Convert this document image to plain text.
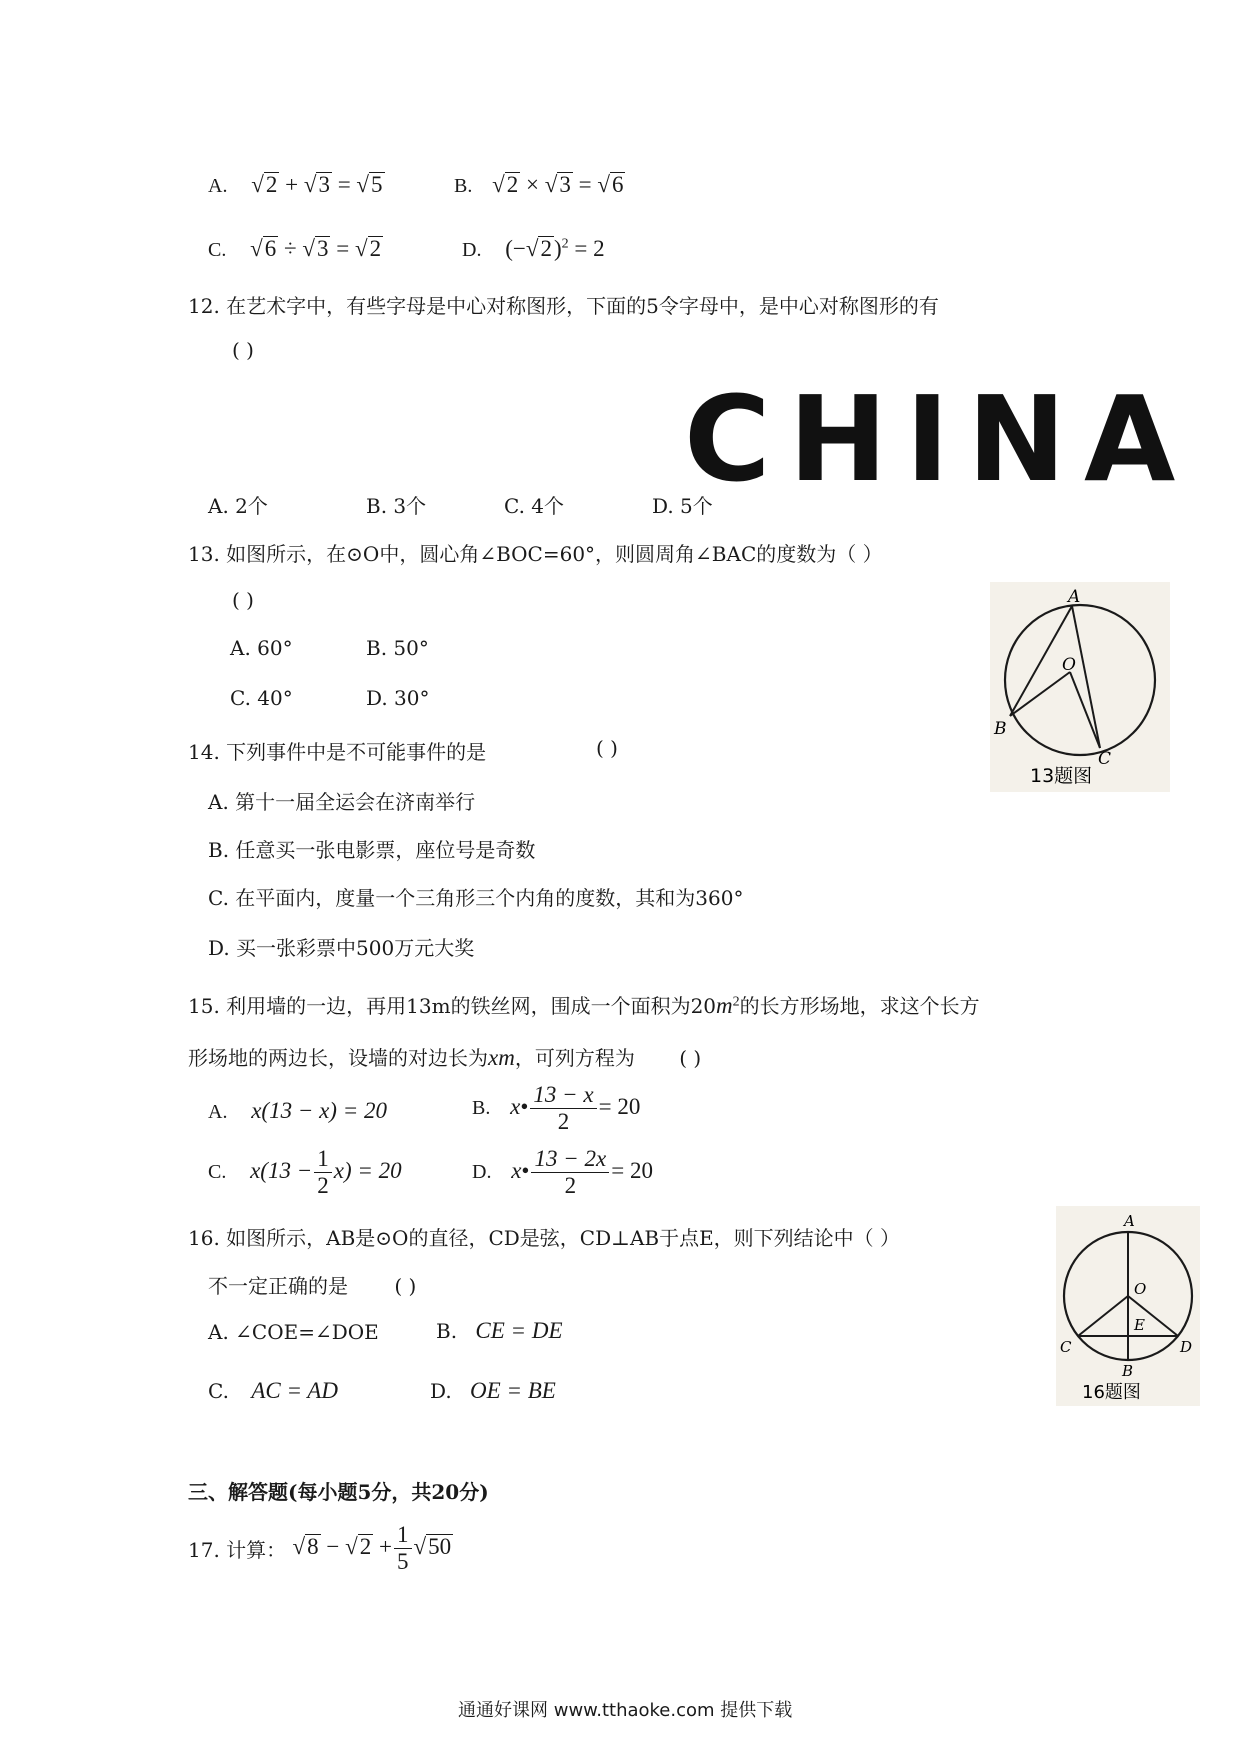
A. √2 + √3 = √5	B. √2 × √3 = √6
C. √6 ÷ √3 = √2	D. $(-√2)^2 = 2$
12. 在艺术字中，有些字母是中心对称图形，下面的5令字母中，是中心对称图形的有
( )
CHINA
A. 2个	B. 3个	C. 4个	D. 5个
13. 如图所示，在⊙O中，圆心角∠BOC=60°，则圆周角∠BAC的度数为（ ）
( )
A. 60°	B. 50°
C. 40°	D. 30°
A
O
B
C
13题图
14. 下列事件中是不可能事件的是	( )
A. 第十一届全运会在济南举行
B. 任意买一张电影票，座位号是奇数
C. 在平面内，度量一个三角形三个内角的度数，其和为360°
D. 买一张彩票中500万元大奖
15. 利用墙的一边，再用13m的铁丝网，围成一个面积为$20m^2$的长方形场地，求这个长方
形场地的两边长，设墙的对边长为xm，可列方程为 ( )
A. x(13 − x) = 20	B. x• $\frac{13 - x}{2} = 20$
C. $x(13 - \frac{1}{2} x) = 20$	D. x• $\frac{13 - 2x}{2} = 20$
16. 如图所示，AB是⊙O的直径，CD是弦，CD⊥AB于点E，则下列结论中（ ）
不一定正确的是 ( )
A. ∠COE=∠DOE	B. CE = DE
C. AC = AD	D. OE = BE
A
O
E
C
B
D
16题图
三、解答题(每小题5分，共20分)
17. 计算： $√8 - √2 + \frac{1}{5} √50$
通通好课网 www.tthaoke.com 提供下载
